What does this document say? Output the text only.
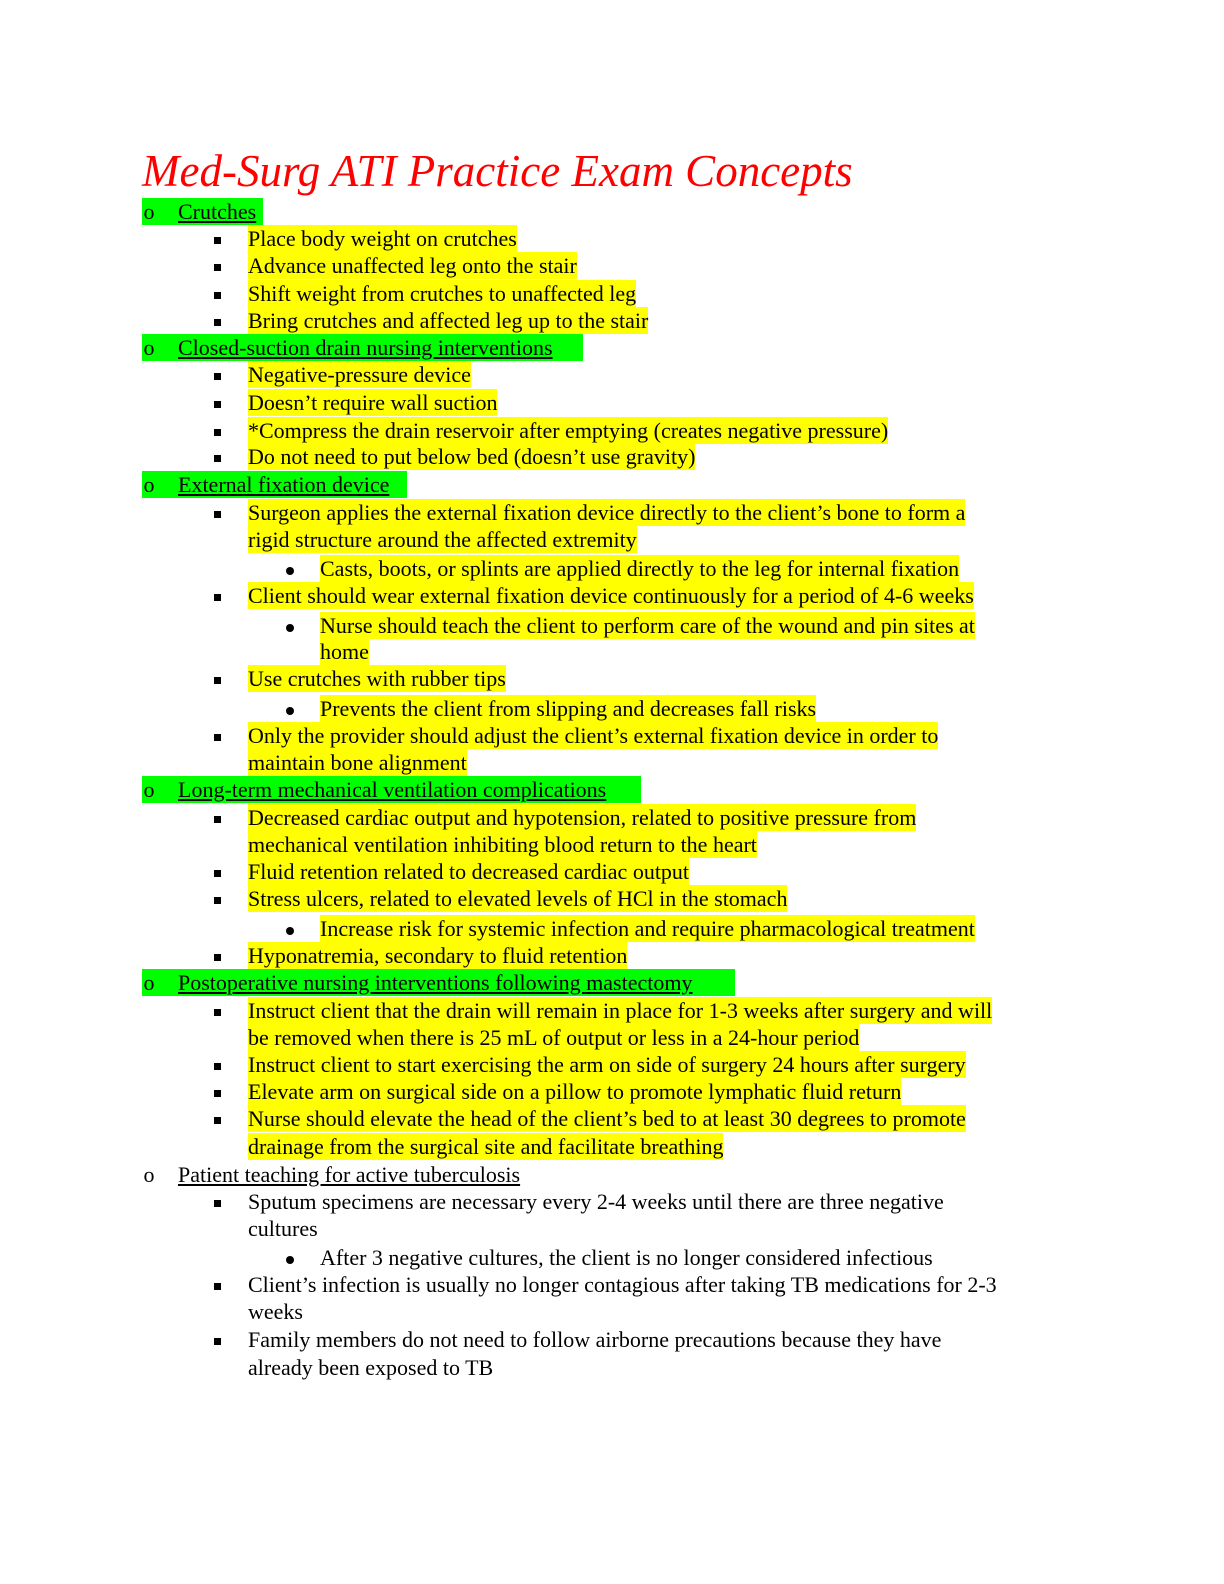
Med-Surg ATI Practice Exam Concepts
o Crutches
Place body weight on crutches
Advance unaffected leg onto the stair
Shift weight from crutches to unaffected leg
Bring crutches and affected leg up to the stair
o Closed-suction drain nursing interventions
Negative-pressure device
Doesn’t require wall suction
*Compress the drain reservoir after emptying (creates negative pressure)
Do not need to put below bed (doesn’t use gravity)
o External fixation device
Surgeon applies the external fixation device directly to the client’s bone to form a
rigid structure around the affected extremity
Casts, boots, or splints are applied directly to the leg for internal fixation
Client should wear external fixation device continuously for a period of 4-6 weeks
Nurse should teach the client to perform care of the wound and pin sites at
home
Use crutches with rubber tips
Prevents the client from slipping and decreases fall risks
Only the provider should adjust the client’s external fixation device in order to
maintain bone alignment
o Long-term mechanical ventilation complications
Decreased cardiac output and hypotension, related to positive pressure from
mechanical ventilation inhibiting blood return to the heart
Fluid retention related to decreased cardiac output
Stress ulcers, related to elevated levels of HCl in the stomach
Increase risk for systemic infection and require pharmacological treatment
Hyponatremia, secondary to fluid retention
o Postoperative nursing interventions following mastectomy
Instruct client that the drain will remain in place for 1-3 weeks after surgery and will
be removed when there is 25 mL of output or less in a 24-hour period
Instruct client to start exercising the arm on side of surgery 24 hours after surgery
Elevate arm on surgical side on a pillow to promote lymphatic fluid return
Nurse should elevate the head of the client’s bed to at least 30 degrees to promote
drainage from the surgical site and facilitate breathing
o Patient teaching for active tuberculosis
Sputum specimens are necessary every 2-4 weeks until there are three negative
cultures
After 3 negative cultures, the client is no longer considered infectious
Client’s infection is usually no longer contagious after taking TB medications for 2-3
weeks
Family members do not need to follow airborne precautions because they have
already been exposed to TB
